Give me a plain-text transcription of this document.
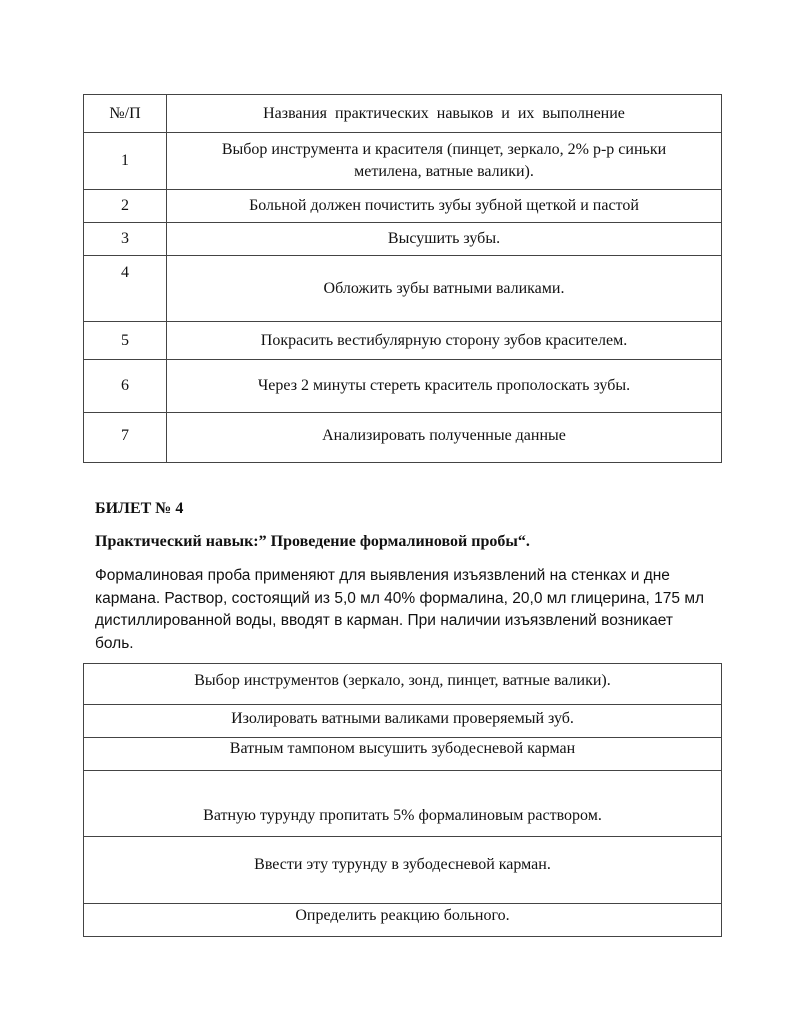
№/П	Названия  практических  навыков  и  их  выполнение
1	Выбор инструмента и красителя (пинцет, зеркало, 2% р-р синьки метилена, ватные валики).
2	Больной должен почистить зубы зубной щеткой и пастой
3	Высушить зубы.
4	Обложить зубы ватными валиками.
5	Покрасить вестибулярную сторону зубов красителем.
6	Через 2 минуты стереть краситель прополоскать зубы.
7	Анализировать полученные данные

БИЛЕТ № 4

Практический навык:” Проведение формалиновой пробы“.

Формалиновая проба применяют для выявления изъязвлений на стенках и дне кармана. Раствор, состоящий из 5,0 мл 40% формалина, 20,0 мл глицерина, 175 мл дистиллированной воды, вводят в карман. При наличии изъязвлений возникает боль.

Выбор инструментов (зеркало, зонд, пинцет, ватные валики).
Изолировать ватными валиками проверяемый зуб.
Ватным тампоном высушить зубодесневой карман
Ватную турунду пропитать 5% формалиновым раствором.
Ввести эту турунду в зубодесневой карман.
Определить реакцию больного.
